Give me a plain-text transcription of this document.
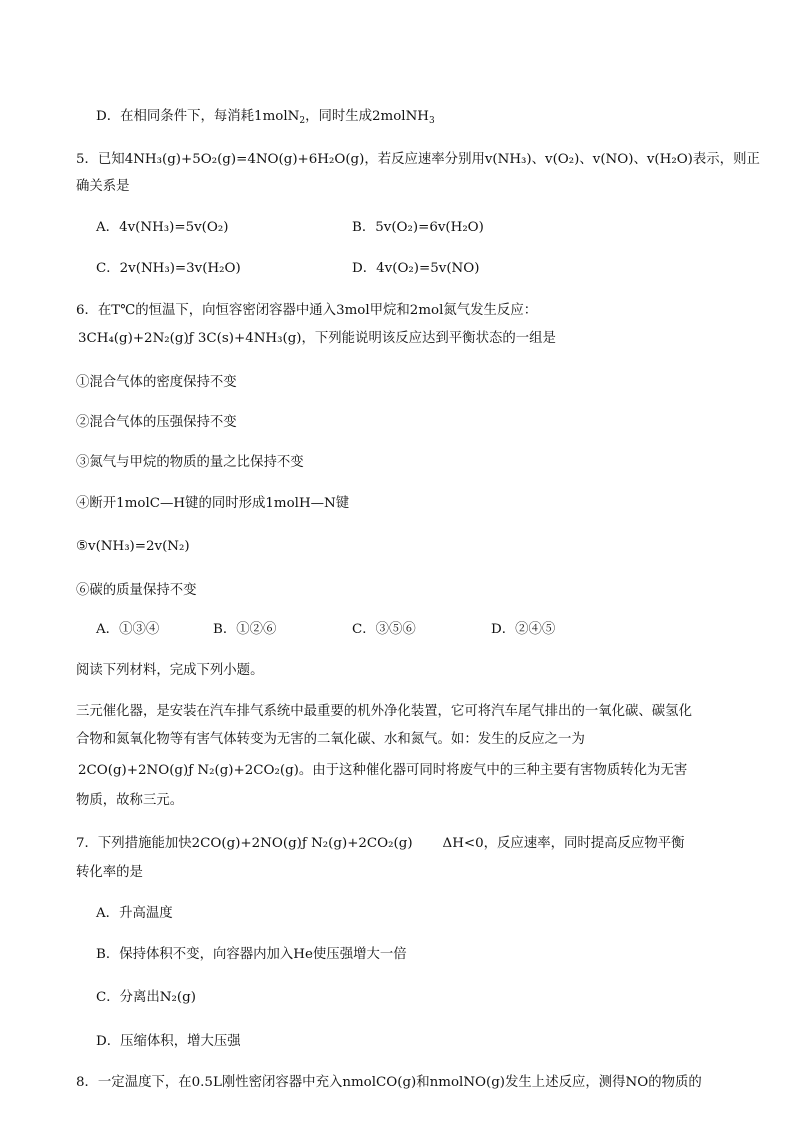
D．在相同条件下，每消耗1molN$_2$，同时生成2molNH$_3$
5．已知4NH₃(g)+5O₂(g)=4NO(g)+6H₂O(g)，若反应速率分别用v(NH₃)、v(O₂)、v(NO)、v(H₂O)表示，则正
确关系是
A．4v(NH₃)=5v(O₂)	B．5v(O₂)=6v(H₂O)
C．2v(NH₃)=3v(H₂O)	D．4v(O₂)=5v(NO)
6．在T℃的恒温下，向恒容密闭容器中通入3mol甲烷和2mol氮气发生反应：
3CH₄(g)+2N₂(g)ƒ 3C(s)+4NH₃(g)，下列能说明该反应达到平衡状态的一组是
①混合气体的密度保持不变
②混合气体的压强保持不变
③氮气与甲烷的物质的量之比保持不变
④断开1molC—H键的同时形成1molH—N键
⑤v(NH₃)=2v(N₂)
⑥碳的质量保持不变
A．①③④	B．①②⑥	C．③⑤⑥	D．②④⑤
阅读下列材料，完成下列小题。
三元催化器，是安装在汽车排气系统中最重要的机外净化装置，它可将汽车尾气排出的一氧化碳、碳氢化
合物和氮氧化物等有害气体转变为无害的二氧化碳、水和氮气。如：发生的反应之一为
2CO(g)+2NO(g)ƒ N₂(g)+2CO₂(g)。由于这种催化器可同时将废气中的三种主要有害物质转化为无害
物质，故称三元。
7．下列措施能加快2CO(g)+2NO(g)ƒ N₂(g)+2CO₂(g) ΔH<0，反应速率，同时提高反应物平衡
转化率的是
A．升高温度
B．保持体积不变，向容器内加入He使压强增大一倍
C．分离出N₂(g)
D．压缩体积，增大压强
8．一定温度下，在0.5L刚性密闭容器中充入nmolCO(g)和nmolNO(g)发生上述反应，测得NO的物质的
